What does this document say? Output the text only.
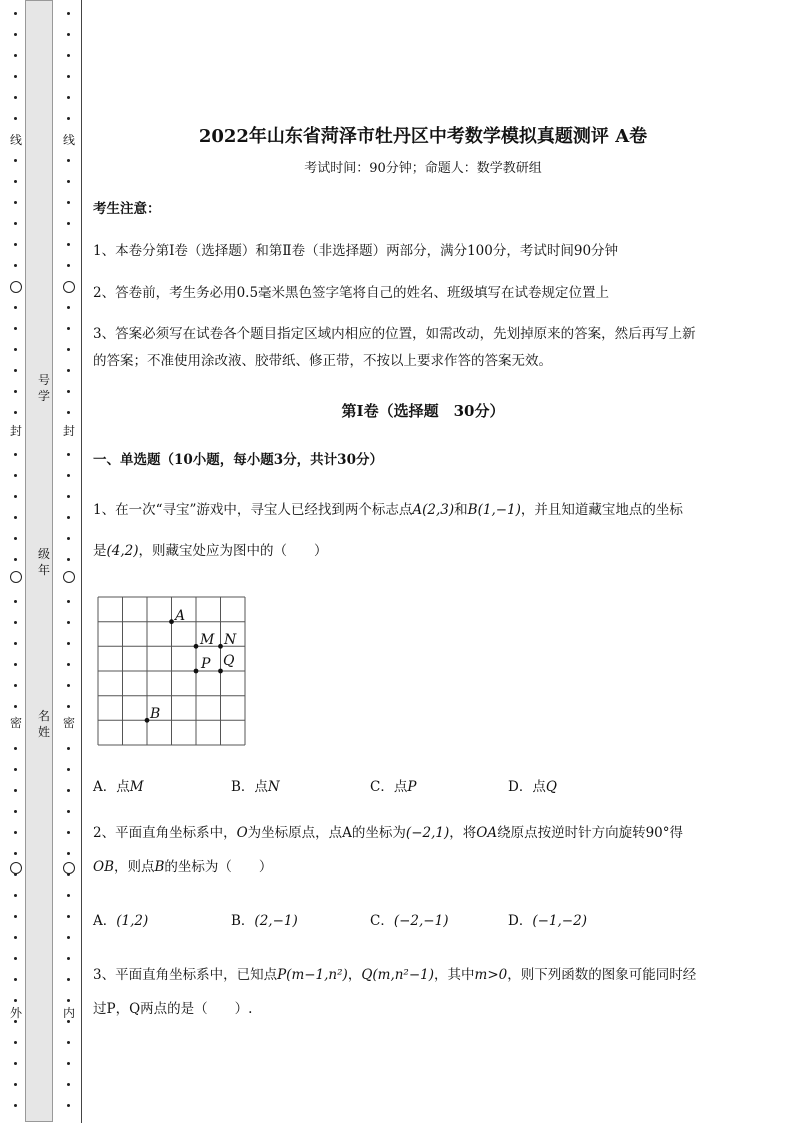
线
封
密
外
号学
级年
名姓
线
封
密
内
2022年山东省菏泽市牡丹区中考数学模拟真题测评 A卷
考试时间：90分钟；命题人：数学教研组
考生注意：
1、本卷分第I卷（选择题）和第Ⅱ卷（非选择题）两部分，满分100分，考试时间90分钟
2、答卷前，考生务必用0.5毫米黑色签字笔将自己的姓名、班级填写在试卷规定位置上
3、答案必须写在试卷各个题目指定区域内相应的位置，如需改动，先划掉原来的答案，然后再写上新
的答案；不准使用涂改液、胶带纸、修正带，不按以上要求作答的答案无效。
第Ⅰ卷（选择题　30分）
一、单选题（10小题，每小题3分，共计30分）
1、在一次“寻宝”游戏中，寻宝人已经找到两个标志点A(2,3)和B(1,−1)，并且知道藏宝地点的坐标
是(4,2)，则藏宝处应为图中的（　　）
A
M N
P Q
B
A．点M	B．点N	C．点P	D．点Q
2、平面直角坐标系中，O为坐标原点，点A的坐标为(−2,1)，将OA绕原点按逆时针方向旋转90°得
OB，则点B的坐标为（　　）
A．(1,2)	B．(2,−1)	C．(−2,−1)	D．(−1,−2)
3、平面直角坐标系中，已知点P(m−1,n²)，Q(m,n²−1)，其中m>0，则下列函数的图象可能同时经
过P，Q两点的是（　　）.
